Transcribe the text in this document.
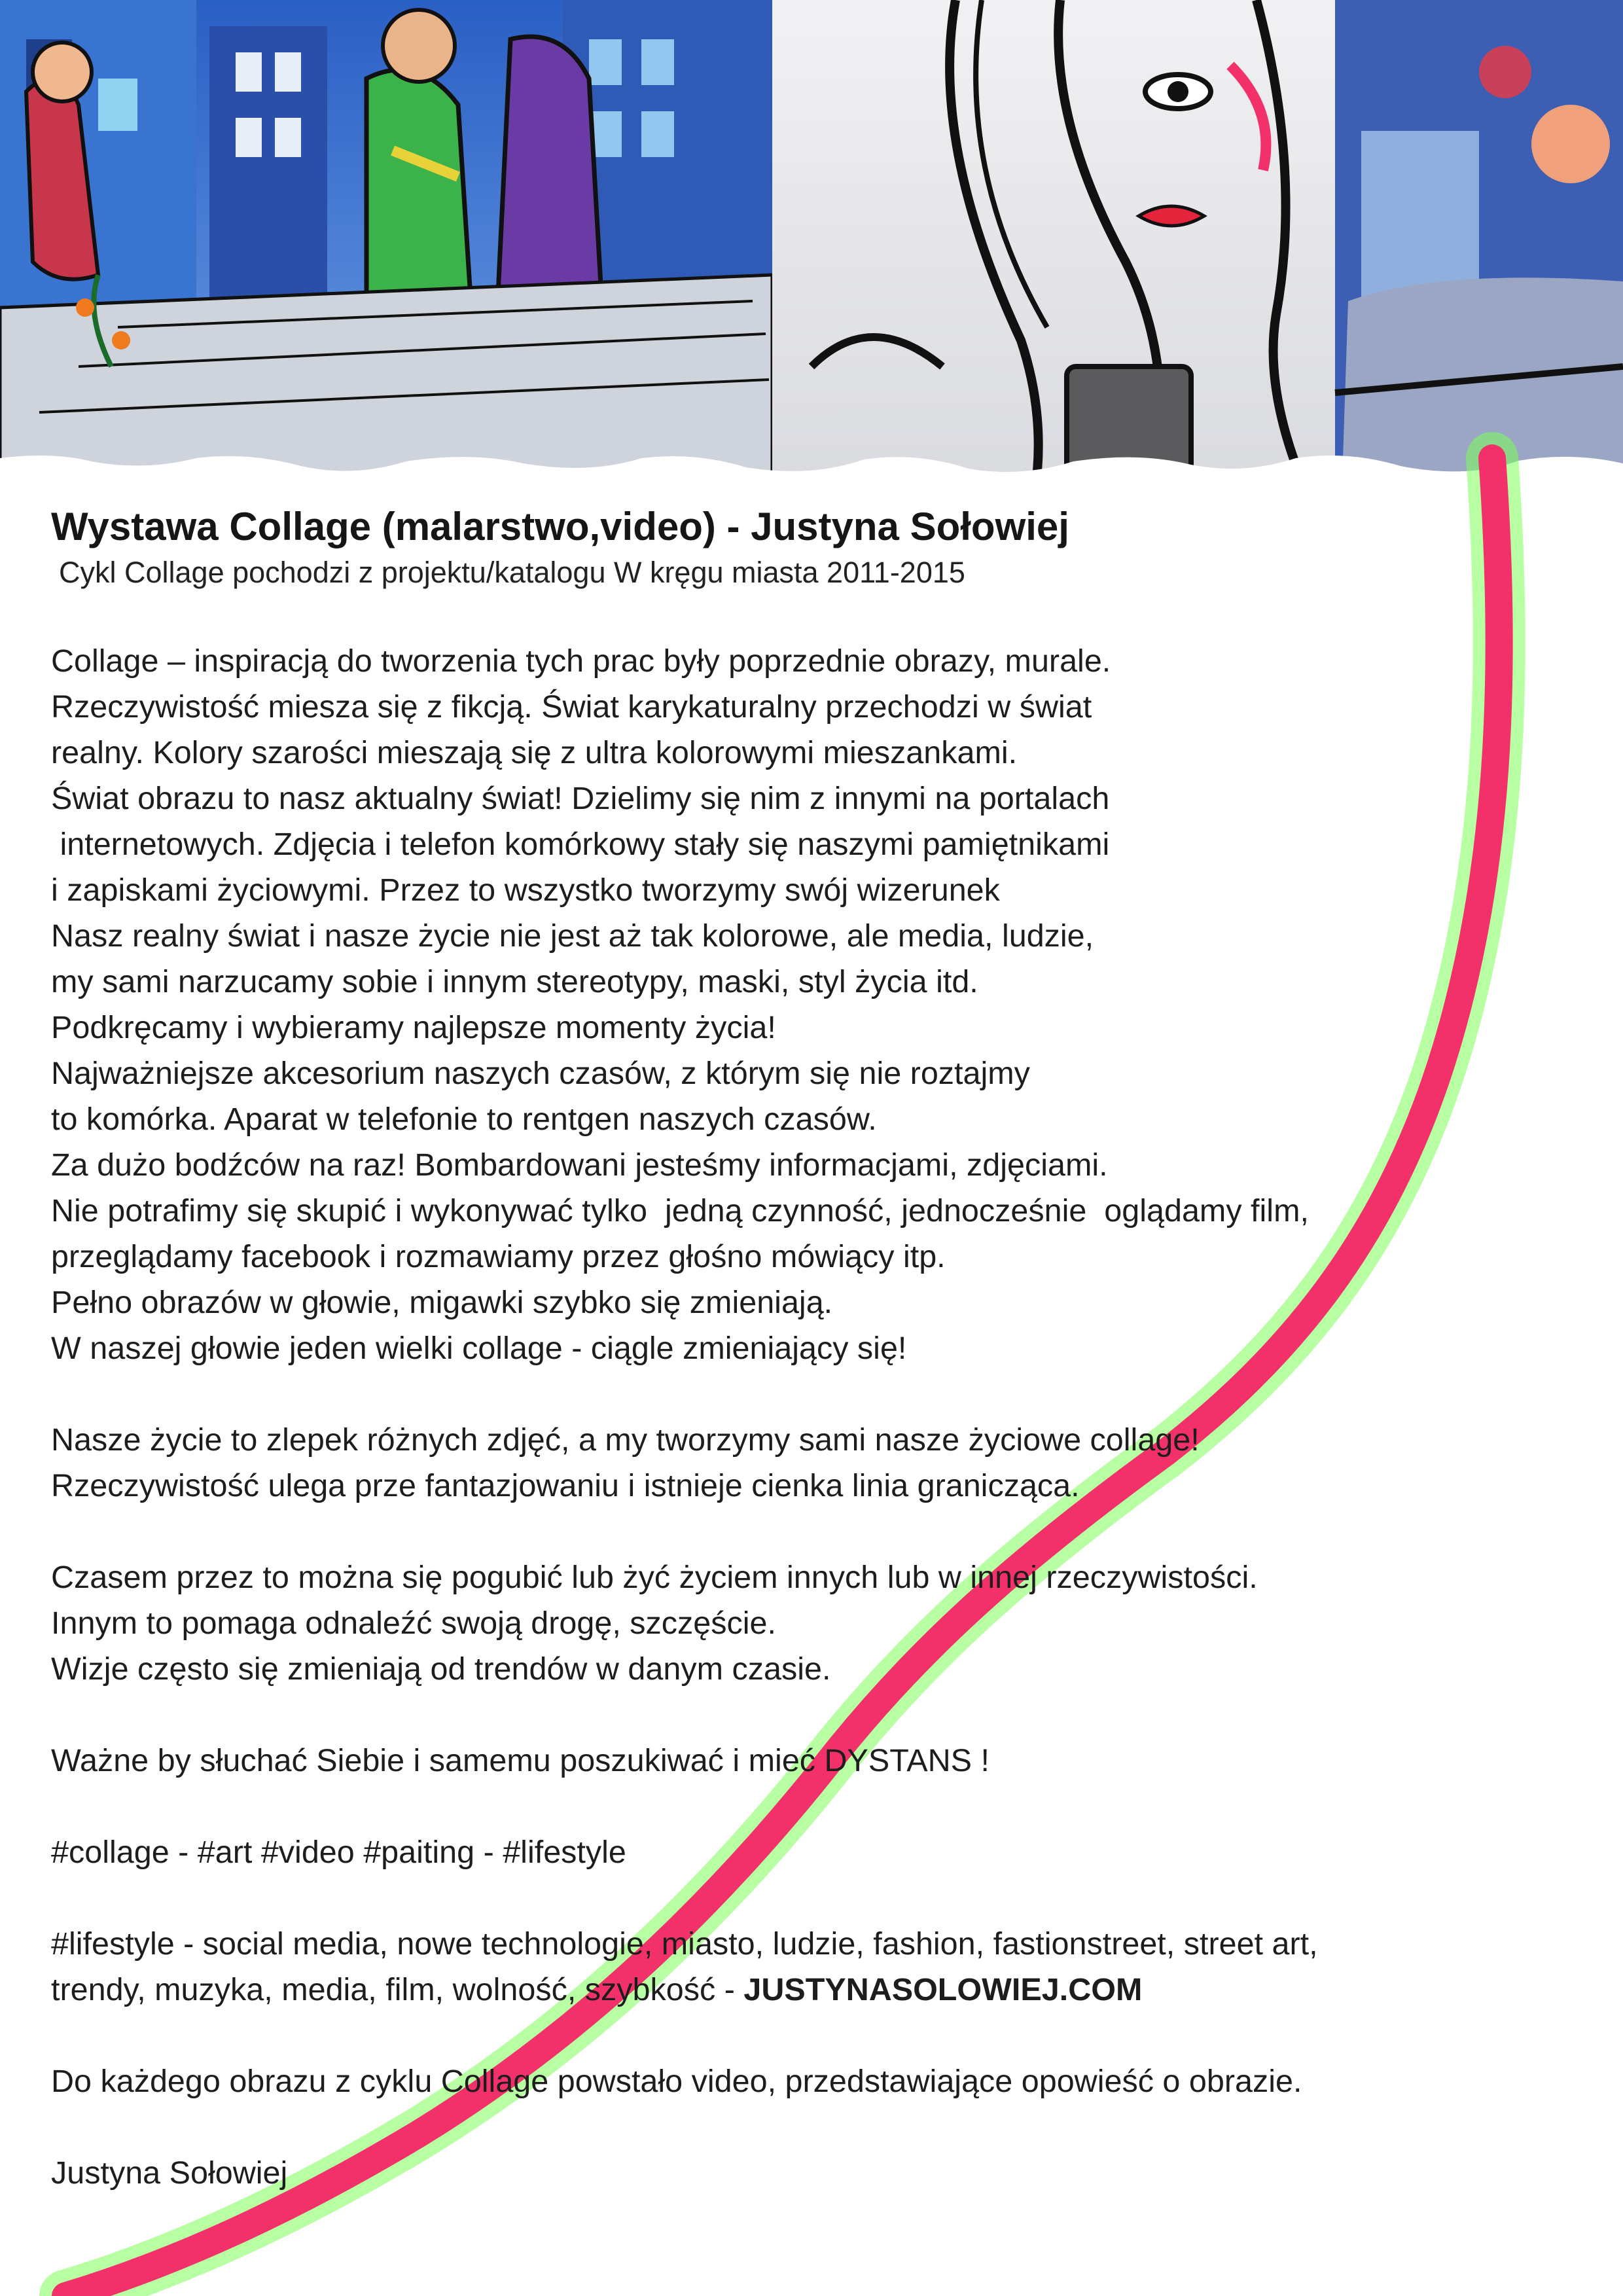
Wystawa Collage (malarstwo,video) - Justyna Sołowiej
Cykl Collage pochodzi z projektu/katalogu W kręgu miasta 2011-2015

Collage – inspiracją do tworzenia tych prac były poprzednie obrazy, murale.

Rzeczywistość miesza się z fikcją. Świat karykaturalny przechodzi w świat

realny. Kolory szarości mieszają się z ultra kolorowymi mieszankami.

Świat obrazu to nasz aktualny świat! Dzielimy się nim z innymi na portalach

internetowych. Zdjęcia i telefon komórkowy stały się naszymi pamiętnikami

i zapiskami życiowymi. Przez to wszystko tworzymy swój wizerunek

Nasz realny świat i nasze życie nie jest aż tak kolorowe, ale media, ludzie,

my sami narzucamy sobie i innym stereotypy, maski, styl życia itd.

Podkręcamy i wybieramy najlepsze momenty życia!

Najważniejsze akcesorium naszych czasów, z którym się nie roztajmy

to komórka. Aparat w telefonie to rentgen naszych czasów.

Za dużo bodźców na raz! Bombardowani jesteśmy informacjami, zdjęciami.

Nie potrafimy się skupić i wykonywać tylko  jedną czynność, jednocześnie  oglądamy film,

przeglądamy facebook i rozmawiamy przez głośno mówiący itp.

Pełno obrazów w głowie, migawki szybko się zmieniają.

W naszej głowie jeden wielki collage - ciągle zmieniający się!

Nasze życie to zlepek różnych zdjęć, a my tworzymy sami nasze życiowe collage!

Rzeczywistość ulega prze fantazjowaniu i istnieje cienka linia granicząca.

Czasem przez to można się pogubić lub żyć życiem innych lub w innej rzeczywistości.

Innym to pomaga odnaleźć swoją drogę, szczęście.

Wizje często się zmieniają od trendów w danym czasie.

Ważne by słuchać Siebie i samemu poszukiwać i mieć DYSTANS !

#collage - #art #video #paiting - #lifestyle

#lifestyle - social media, nowe technologie, miasto, ludzie, fashion, fastionstreet, street art,

trendy, muzyka, media, film, wolność, szybkość - JUSTYNASOLOWIEJ.COM

Do każdego obrazu z cyklu Collage powstało video, przedstawiające opowieść o obrazie.

Justyna Sołowiej
